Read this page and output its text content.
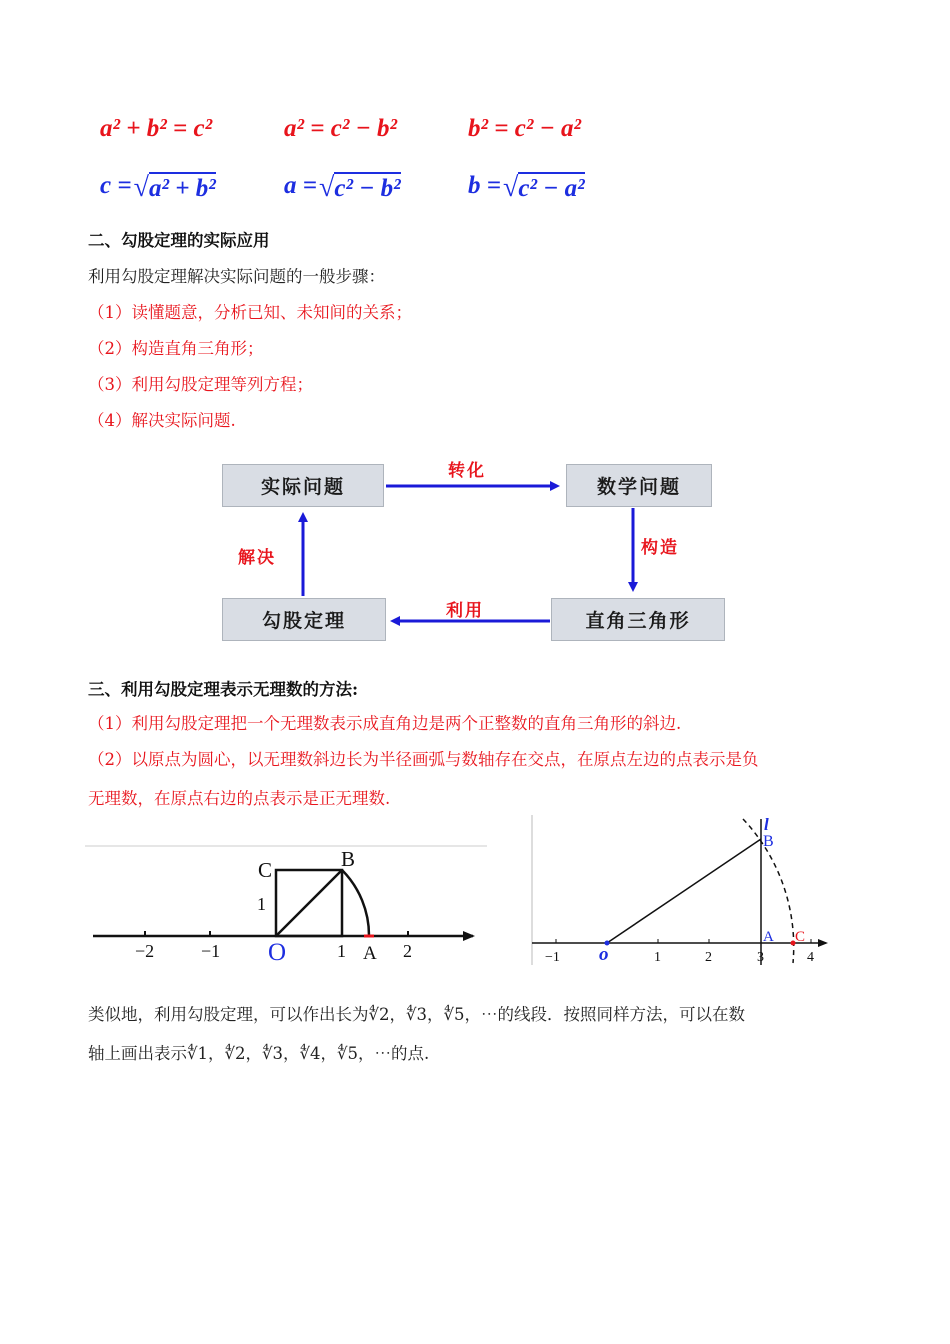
a² + b² = c²	a² = c² − b²	b² = c² − a²
c = √ a² + b²	a = √ c² − b²	b = √ c² − a²
二、勾股定理的实际应用
利用勾股定理解决实际问题的一般步骤：
（1）读懂题意，分析已知、未知间的关系；
（2）构造直角三角形；
（3）利用勾股定理等列方程；
（4）解决实际问题.
实际问题	数学问题
直角三角形
勾股定理
转化
构造
利用
解决
三、利用勾股定理表示无理数的方法:
（1）利用勾股定理把一个无理数表示成直角边是两个正整数的直角三角形的斜边.
（2）以原点为圆心，以无理数斜边长为半径画弧与数轴存在交点，在原点左边的点表示是负
无理数，在原点右边的点表示是正无理数.
−2	−1	1	2
O	A
B
C
1
−1	1	2	3	4
o
l
B
A C
类似地，利用勾股定理，可以作出长为∜2，∜3，∜5，⋯的线段．按照同样方法，可以在数
轴上画出表示∜1，∜2，∜3，∜4，∜5，⋯的点.
